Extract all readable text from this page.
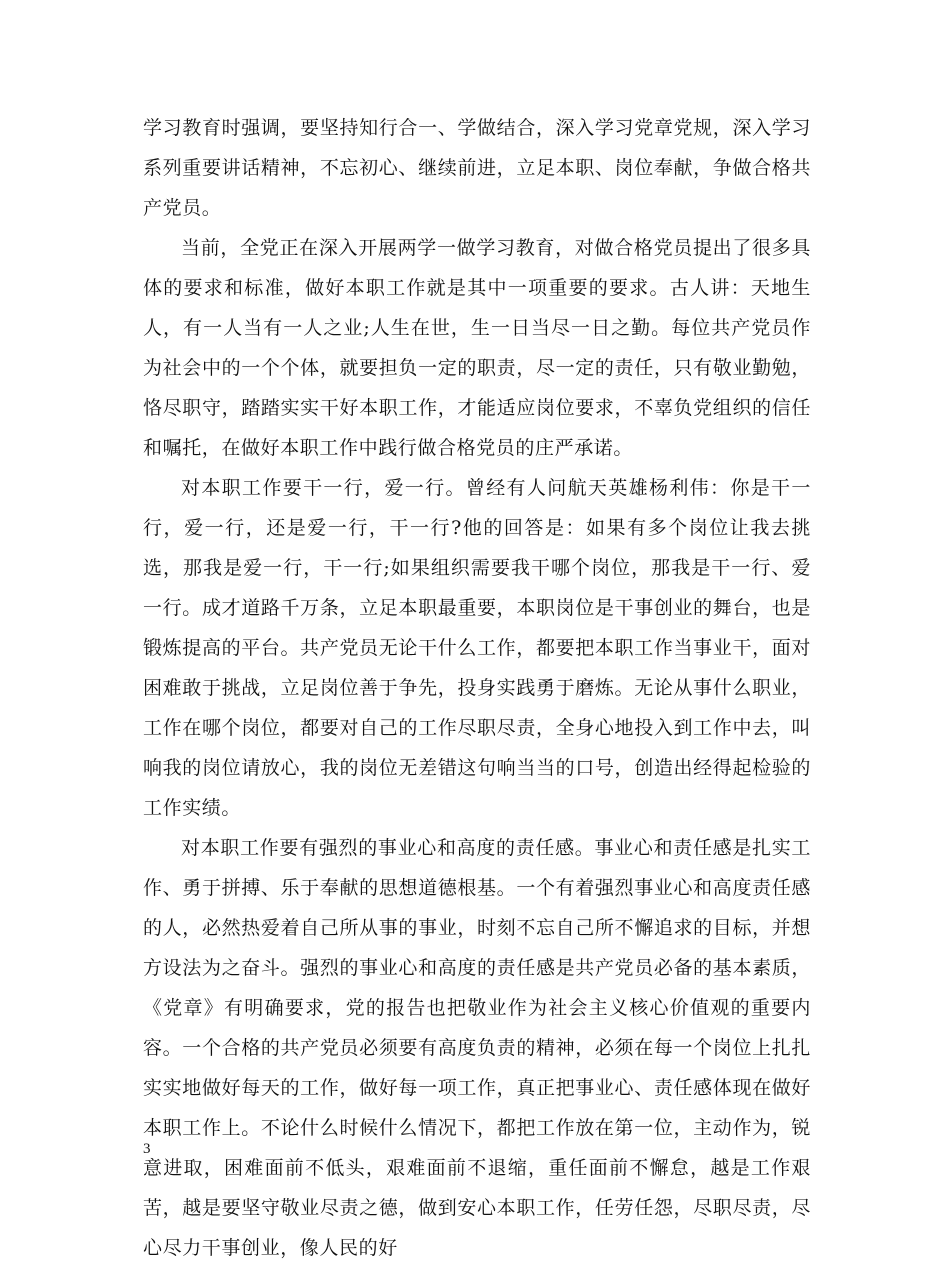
学习教育时强调，要坚持知行合一、学做结合，深入学习党章党规，深入学习系列重要讲话精神，不忘初心、继续前进，立足本职、岗位奉献，争做合格共产党员。

当前，全党正在深入开展两学一做学习教育，对做合格党员提出了很多具体的要求和标准，做好本职工作就是其中一项重要的要求。古人讲：天地生人，有一人当有一人之业;人生在世，生一日当尽一日之勤。每位共产党员作为社会中的一个个体，就要担负一定的职责，尽一定的责任，只有敬业勤勉，恪尽职守，踏踏实实干好本职工作，才能适应岗位要求，不辜负党组织的信任和嘱托，在做好本职工作中践行做合格党员的庄严承诺。

对本职工作要干一行，爱一行。曾经有人问航天英雄杨利伟：你是干一行，爱一行，还是爱一行，干一行?他的回答是：如果有多个岗位让我去挑选，那我是爱一行，干一行;如果组织需要我干哪个岗位，那我是干一行、爱一行。成才道路千万条，立足本职最重要，本职岗位是干事创业的舞台，也是锻炼提高的平台。共产党员无论干什么工作，都要把本职工作当事业干，面对困难敢于挑战，立足岗位善于争先，投身实践勇于磨炼。无论从事什么职业，工作在哪个岗位，都要对自己的工作尽职尽责，全身心地投入到工作中去，叫响我的岗位请放心，我的岗位无差错这句响当当的口号，创造出经得起检验的工作实绩。

对本职工作要有强烈的事业心和高度的责任感。事业心和责任感是扎实工作、勇于拼搏、乐于奉献的思想道德根基。一个有着强烈事业心和高度责任感的人，必然热爱着自己所从事的事业，时刻不忘自己所不懈追求的目标，并想方设法为之奋斗。强烈的事业心和高度的责任感是共产党员必备的基本素质，《党章》有明确要求，党的报告也把敬业作为社会主义核心价值观的重要内容。一个合格的共产党员必须要有高度负责的精神，必须在每一个岗位上扎扎实实地做好每天的工作，做好每一项工作，真正把事业心、责任感体现在做好本职工作上。不论什么时候什么情况下，都把工作放在第一位，主动作为，锐意进取，困难面前不低头，艰难面前不退缩，重任面前不懈怠，越是工作艰苦，越是要坚守敬业尽责之德，做到安心本职工作，任劳任怨，尽职尽责，尽心尽力干事创业，像人民的好

3
